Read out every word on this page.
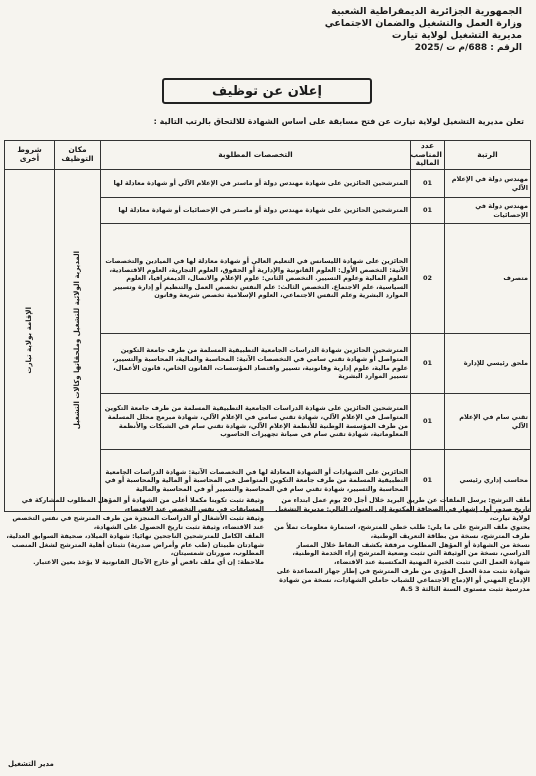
الجمهورية الجزائرية الديمقراطية الشعبية
وزارة العمل والتشغيل والضمان الاجتماعي
مديرية التشغيل لولاية تيارت
الرقم : 688/م ت /2025
إعلان عن توظيف
تعلن مديرية التشغيل لولاية تيارت عن فتح مسابقة على أساس الشهادة للالتحاق بالرتب التالية :
الرتبة	عدد المناصب المالية	التخصصات المطلوبة	مكان التوظيف	شروط أخرى
مهندس دولة في الإعلام الآلي	01	المترشحين الحائزين على شهادة مهندس دولة أو ماستر في الإعلام الآلي أو شهادة معادلة لها	المديرية الولائية للتشغيل وملحقاتها وكالات التشغيل	الإقامة بولاية تيارت

مهندس دولة في الإحصائيات	01	المترشحين الحائزين على شهادة مهندس دولة أو ماستر في الإحصائيات أو شهادة معادلة لها		
متصرف	02	الحائزين على شهادة الليسانس في التعليم العالي أو شهادة معادلة لها في الميادين والتخصصات الآتية: التخصص الأول: العلوم القانونية والإدارية أو الحقوق، العلوم التجارية، العلوم الاقتصادية، العلوم المالية وعلوم التسيير. التخصص الثاني: علوم الإعلام والاتصال، الديمغرافيا، العلوم السياسية، علم الاجتماع. التخصص الثالث: علم النفس تخصص العمل والتنظيم أو إدارة وتسيير الموارد البشرية وعلم النفس الاجتماعي، العلوم الإسلامية تخصص شريعة وقانون		
ملحق رئيسي للإدارة	01	المترشحين الحائزين شهادة الدراسات الجامعية التطبيقية المسلمة من طرف جامعة التكوين المتواصل أو شهادة تقني سامي في التخصصات الآتية: المحاسبة والمالية، المحاسبة والتسيير، علوم مالية، علوم إدارية وقانونية، تسيير واقتصاد المؤسسات، القانون الخاص، قانون الأعمال، تسيير الموارد البشرية		
تقني سام في الإعلام الآلي	01	المترشحين الحائزين على شهادة الدراسات الجامعية التطبيقية المسلمة من طرف جامعة التكوين المتواصل في الإعلام الآلي، شهادة تقني سامي في الإعلام الآلي، شهادة مبرمج محلل المسلمة من طرف المؤسسة الوطنية للأنظمة الإعلام الآلي، شهادة تقني سام في الشبكات والأنظمة المعلوماتية، شهادة تقني سام في صيانة تجهيزات الحاسوب		
محاسب إداري رئيسي	01	الحائزين على الشهادات أو الشهادة المعادلة لها في التخصصات الآتية: شهادة الدراسات الجامعية التطبيقية المسلمة من طرف جامعة التكوين المتواصل في المحاسبة أو المالية والمحاسبة أو في المحاسبة والتسيير، شهادة تقني سام في المحاسبة والتسيير أو في المحاسبة والمالية		

ملف الترشح: يرسل الملفات عن طريق البريد خلال أجل 20 يوم عمل ابتداء من تاريخ صدور أول إشهار في الصحافة المكتوبة إلى العنوان التالي: مديرية التشغيل لولاية تيارت،

يحتوي ملف الترشح على ما يلي: طلب خطي للمترشح، استمارة معلومات تملأ من طرف المترشح، نسخة من بطاقة التعريف الوطنية،

نسخة من الشهادة أو المؤهل المطلوب مرفقة بكشف النقاط خلال المسار الدراسي، نسخة من الوثيقة التي تثبت وضعية المترشح إزاء الخدمة الوطنية، شهادة العمل التي تثبت الخبرة المهنية المكتسبة عند الاقتضاء،

شهادة تثبت مدة العمل المؤدى من طرف المترشح في إطار جهاز المساعدة على الإدماج المهني أو الإدماج الاجتماعي للشباب حاملي الشهادات، نسخة من شهادة مدرسية تثبت مستوى السنة الثالثة A.S 3

وثيقة تثبت تكوينا مكملا أعلى من الشهادة أو المؤهل المطلوب للمشاركة في المسابقات في نفس التخصص عند الاقتضاء،

وثيقة تثبت الأشغال أو الدراسات المنجزة من طرف المترشح في نفس التخصص عند الاقتضاء، وثيقة تثبت تاريخ الحصول على الشهادة،

الملف الكامل للمترشحين الناجحين نهائيا: شهادة الميلاد، صحيفة السوابق العدلية، شهادتان طبيتان (طب عام وأمراض صدرية) تثبتان أهلية المترشح لشغل المنصب المطلوب، صورتان شمسيتان،

ملاحظة: إن أي ملف ناقص أو خارج الآجال القانونية لا يؤخذ بعين الاعتبار.

مدير التشغيل
